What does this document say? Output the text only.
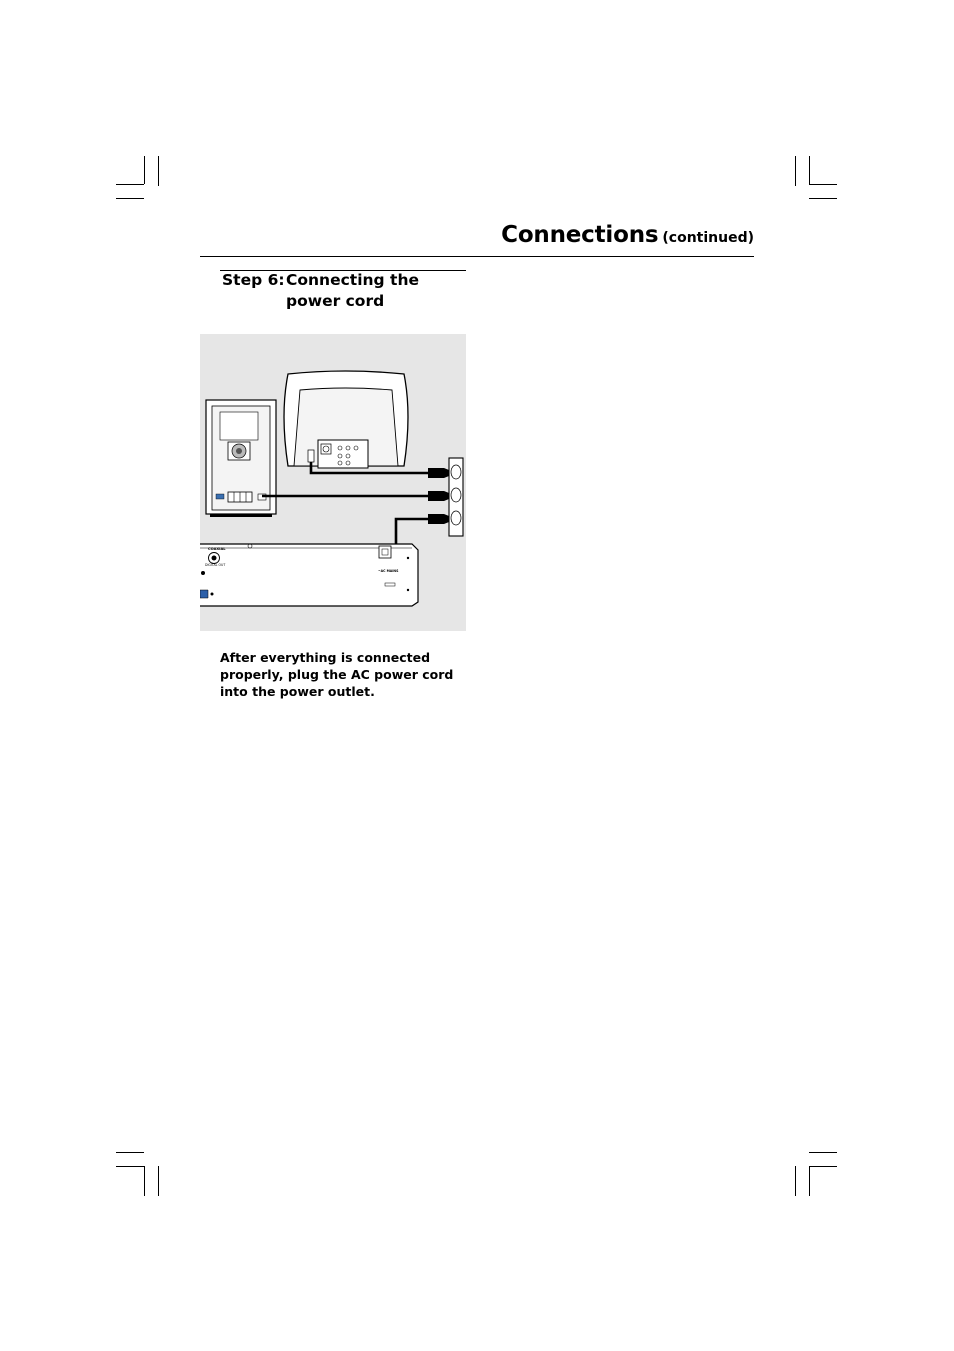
Connections (continued)
Step 6: Connecting the power cord
COAXIAL
DIGITAL OUT
~AC MAINS
After everything is connected properly, plug the AC power cord into the power outlet.
